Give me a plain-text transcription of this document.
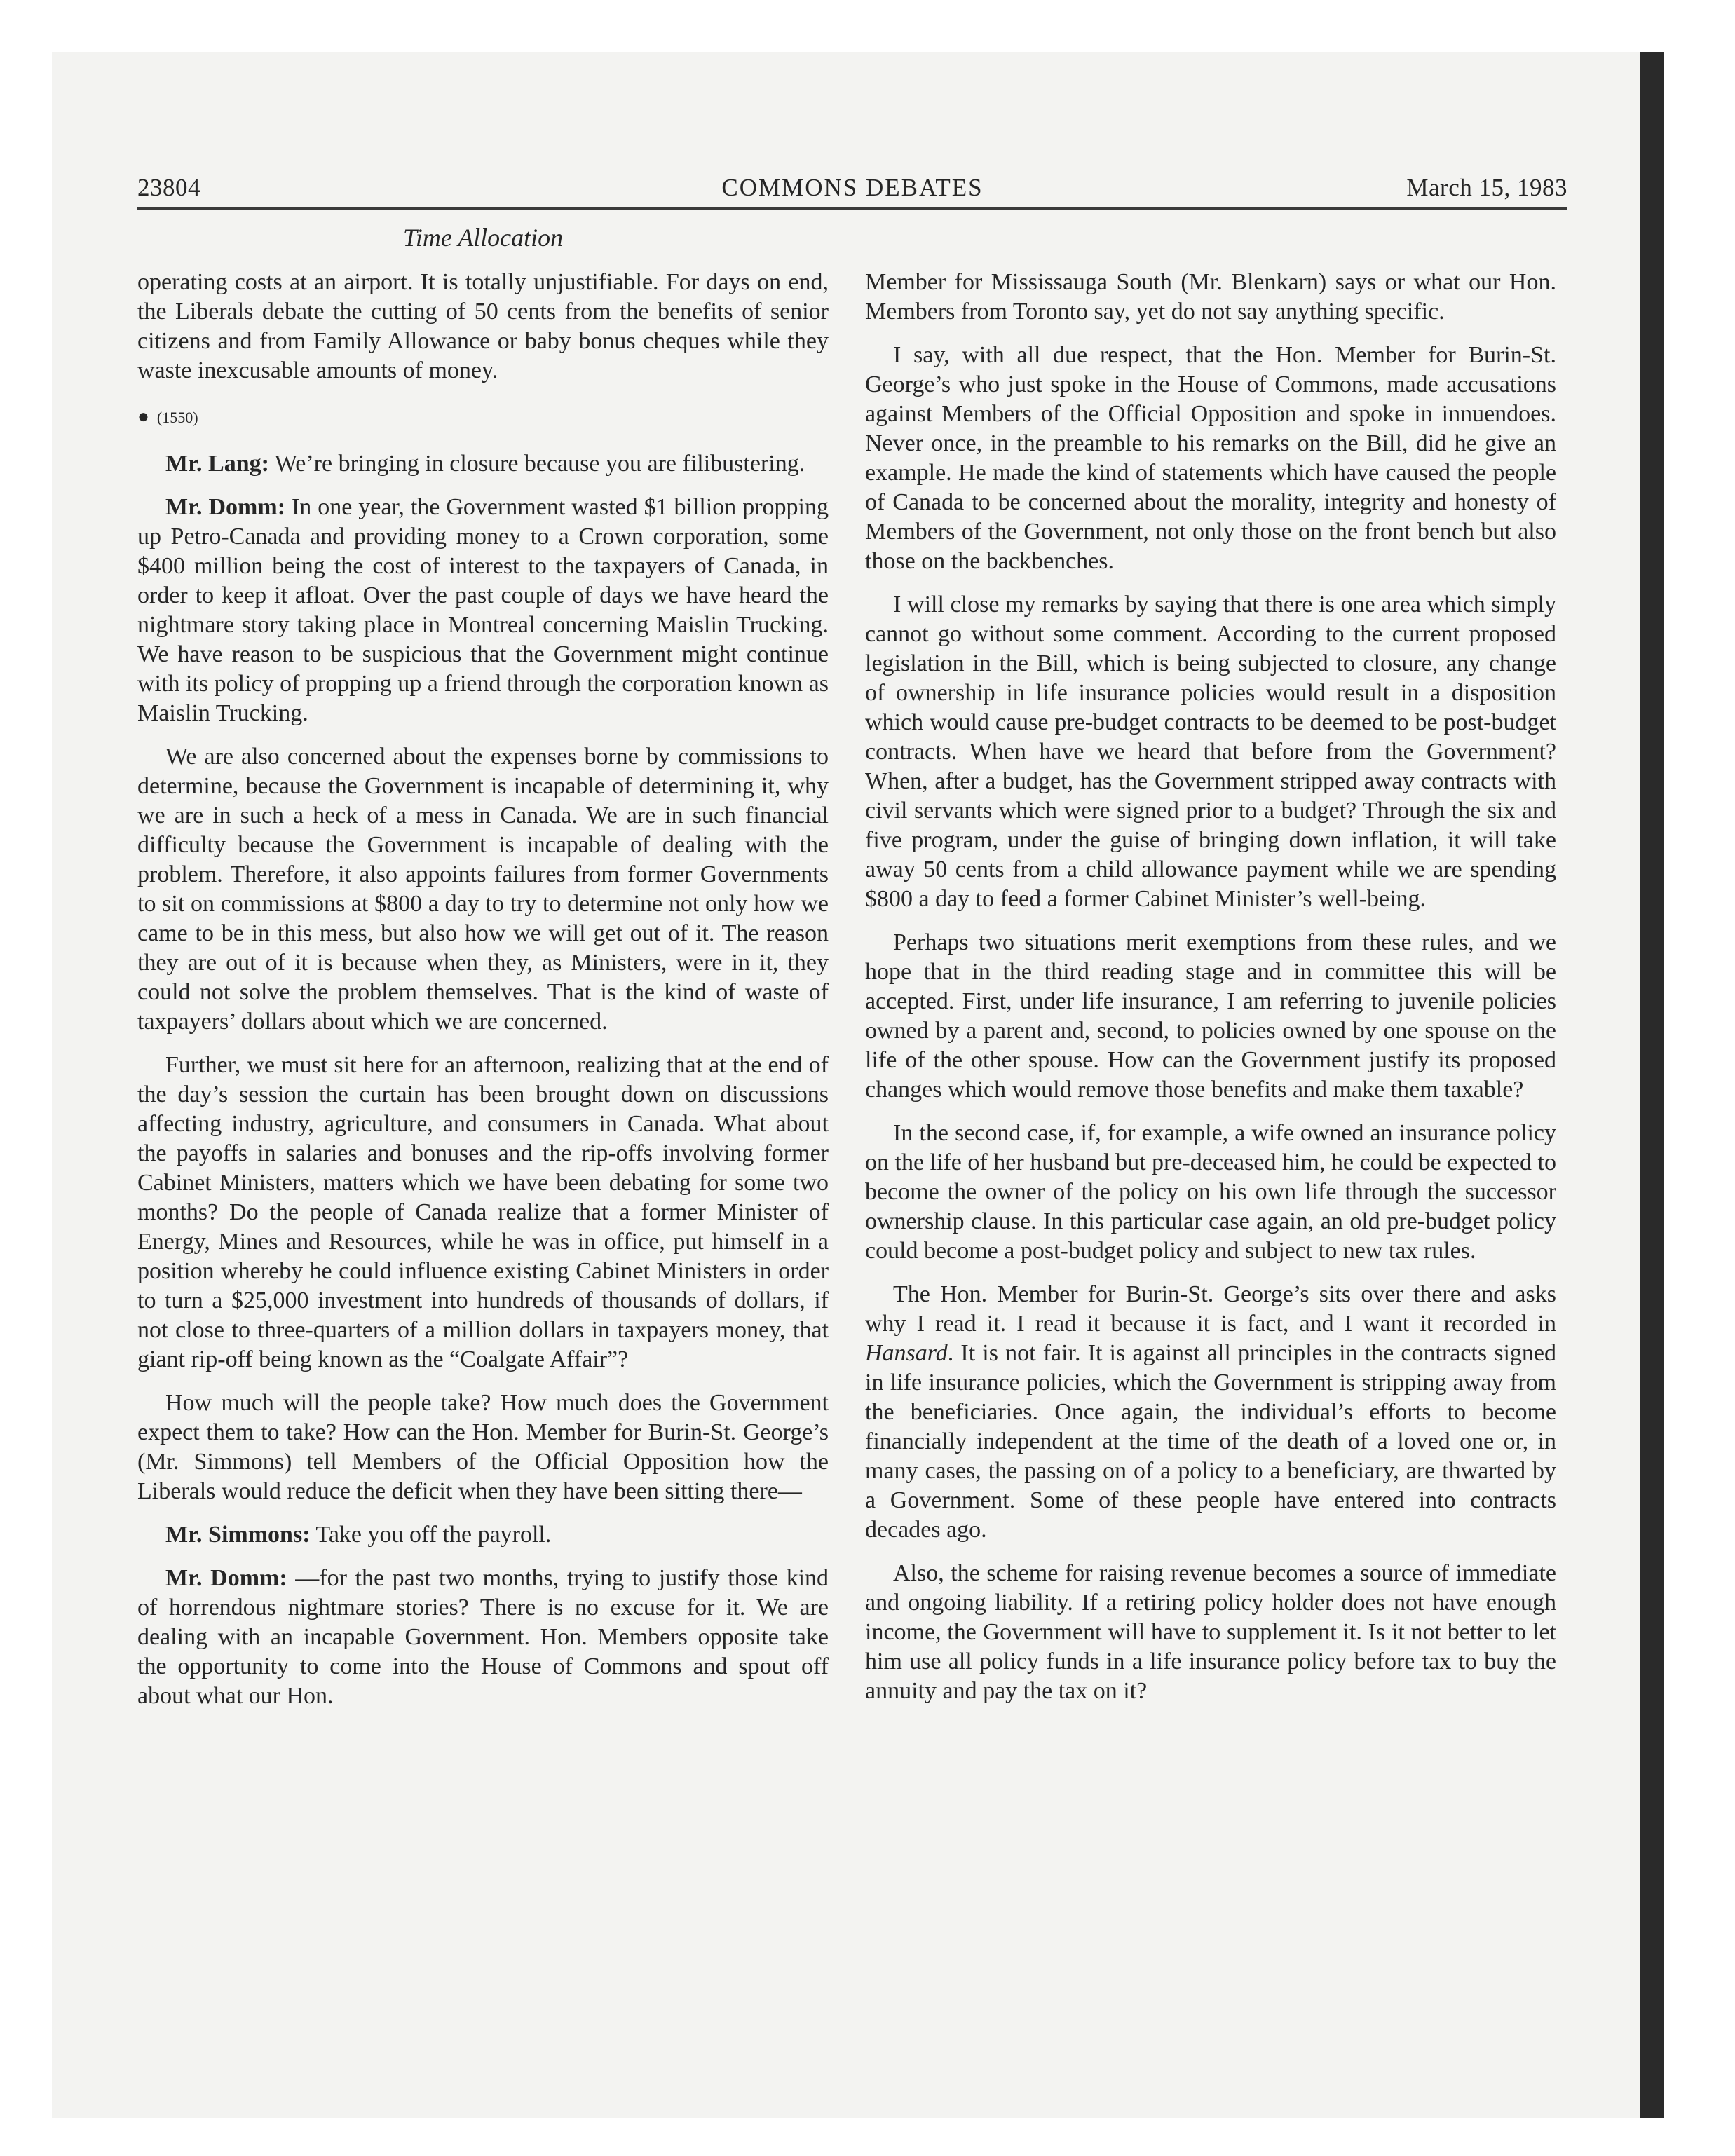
23804	COMMONS DEBATES	March 15, 1983
Time Allocation

operating costs at an airport. It is totally unjustifiable. For days on end, the Liberals debate the cutting of 50 cents from the benefits of senior citizens and from Family Allowance or baby bonus cheques while they waste inexcusable amounts of money.

● (1550)

Mr. Lang: We’re bringing in closure because you are filibustering.

Mr. Domm: In one year, the Government wasted $1 billion propping up Petro-Canada and providing money to a Crown corporation, some $400 million being the cost of interest to the taxpayers of Canada, in order to keep it afloat. Over the past couple of days we have heard the nightmare story taking place in Montreal concerning Maislin Trucking. We have reason to be suspicious that the Government might continue with its policy of propping up a friend through the corporation known as Maislin Trucking.

We are also concerned about the expenses borne by commissions to determine, because the Government is incapable of determining it, why we are in such a heck of a mess in Canada. We are in such financial difficulty because the Government is incapable of dealing with the problem. Therefore, it also appoints failures from former Governments to sit on commissions at $800 a day to try to determine not only how we came to be in this mess, but also how we will get out of it. The reason they are out of it is because when they, as Ministers, were in it, they could not solve the problem themselves. That is the kind of waste of taxpayers’ dollars about which we are concerned.

Further, we must sit here for an afternoon, realizing that at the end of the day’s session the curtain has been brought down on discussions affecting industry, agriculture, and consumers in Canada. What about the payoffs in salaries and bonuses and the rip-offs involving former Cabinet Ministers, matters which we have been debating for some two months? Do the people of Canada realize that a former Minister of Energy, Mines and Resources, while he was in office, put himself in a position whereby he could influence existing Cabinet Ministers in order to turn a $25,000 investment into hundreds of thousands of dollars, if not close to three-quarters of a million dollars in taxpayers money, that giant rip-off being known as the “Coalgate Affair”?

How much will the people take? How much does the Government expect them to take? How can the Hon. Member for Burin-St. George’s (Mr. Simmons) tell Members of the Official Opposition how the Liberals would reduce the deficit when they have been sitting there—

Mr. Simmons: Take you off the payroll.

Mr. Domm: —for the past two months, trying to justify those kind of horrendous nightmare stories? There is no excuse for it. We are dealing with an incapable Government. Hon. Members opposite take the opportunity to come into the House of Commons and spout off about what our Hon.

Member for Mississauga South (Mr. Blenkarn) says or what our Hon. Members from Toronto say, yet do not say anything specific.

I say, with all due respect, that the Hon. Member for Burin-St. George’s who just spoke in the House of Commons, made accusations against Members of the Official Opposition and spoke in innuendoes. Never once, in the preamble to his remarks on the Bill, did he give an example. He made the kind of statements which have caused the people of Canada to be concerned about the morality, integrity and honesty of Members of the Government, not only those on the front bench but also those on the backbenches.

I will close my remarks by saying that there is one area which simply cannot go without some comment. According to the current proposed legislation in the Bill, which is being subjected to closure, any change of ownership in life insurance policies would result in a disposition which would cause pre-budget contracts to be deemed to be post-budget contracts. When have we heard that before from the Government? When, after a budget, has the Government stripped away contracts with civil servants which were signed prior to a budget? Through the six and five program, under the guise of bringing down inflation, it will take away 50 cents from a child allowance payment while we are spending $800 a day to feed a former Cabinet Minister’s well-being.

Perhaps two situations merit exemptions from these rules, and we hope that in the third reading stage and in committee this will be accepted. First, under life insurance, I am referring to juvenile policies owned by a parent and, second, to policies owned by one spouse on the life of the other spouse. How can the Government justify its proposed changes which would remove those benefits and make them taxable?

In the second case, if, for example, a wife owned an insurance policy on the life of her husband but pre-deceased him, he could be expected to become the owner of the policy on his own life through the successor ownership clause. In this particular case again, an old pre-budget policy could become a post-budget policy and subject to new tax rules.

The Hon. Member for Burin-St. George’s sits over there and asks why I read it. I read it because it is fact, and I want it recorded in Hansard. It is not fair. It is against all principles in the contracts signed in life insurance policies, which the Government is stripping away from the beneficiaries. Once again, the individual’s efforts to become financially independent at the time of the death of a loved one or, in many cases, the passing on of a policy to a beneficiary, are thwarted by a Government. Some of these people have entered into contracts decades ago.

Also, the scheme for raising revenue becomes a source of immediate and ongoing liability. If a retiring policy holder does not have enough income, the Government will have to supplement it. Is it not better to let him use all policy funds in a life insurance policy before tax to buy the annuity and pay the tax on it?
